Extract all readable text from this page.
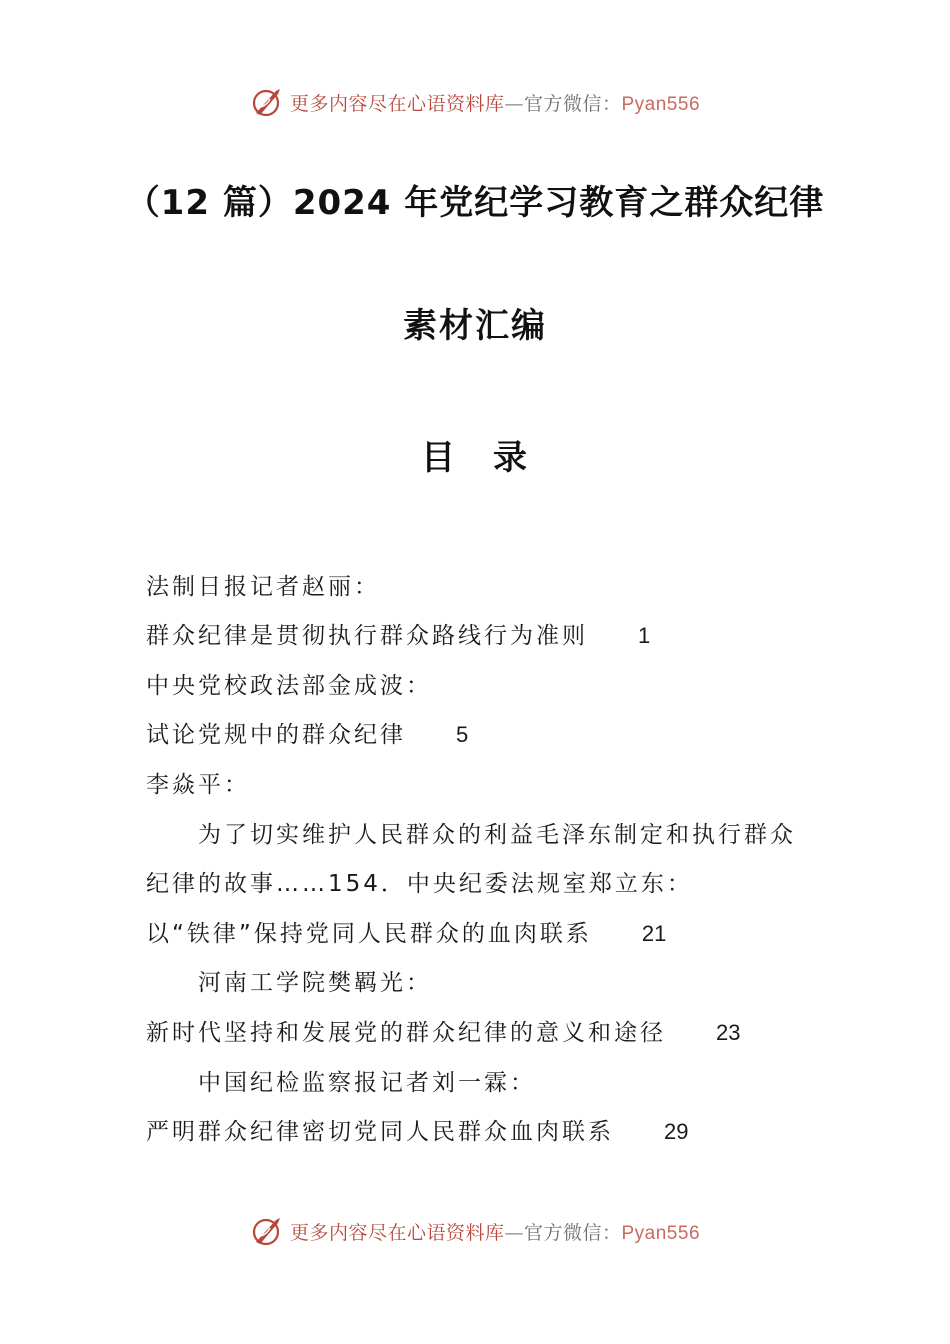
更多内容尽在心语资料库—官方微信：Pyan556
（12 篇）2024 年党纪学习教育之群众纪律
素材汇编
目　录
法制日报记者赵丽：
群众纪律是贯彻执行群众路线行为准则 1
中央党校政法部金成波：
试论党规中的群众纪律 5
李焱平：
为了切实维护人民群众的利益毛泽东制定和执行群众
纪律的故事……154．中央纪委法规室郑立东：
以“铁律”保持党同人民群众的血肉联系 21
河南工学院樊羁光：
新时代坚持和发展党的群众纪律的意义和途径 23
中国纪检监察报记者刘一霖：
严明群众纪律密切党同人民群众血肉联系 29
更多内容尽在心语资料库—官方微信：Pyan556
